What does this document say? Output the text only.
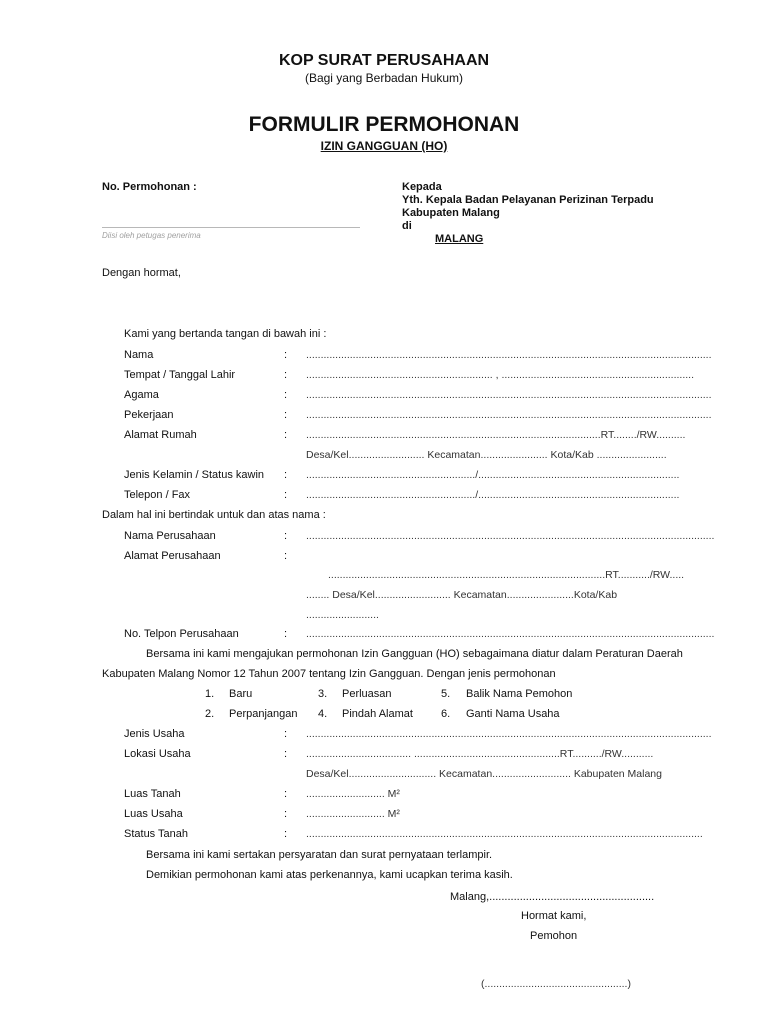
KOP SURAT PERUSAHAAN
(Bagi yang Berbadan Hukum)
FORMULIR PERMOHONAN
IZIN GANGGUAN (HO)
No. Permohonan :
Diisi oleh petugas penerima
Kepada
Yth. Kepala Badan Pelayanan Perizinan Terpadu
Kabupaten Malang
di
MALANG
Dengan hormat,
Kami yang bertanda tangan di bawah ini :
Nama	: ...........................................................................................................................................
Tempat / Tanggal Lahir	: ................................................................ , ..................................................................
Agama	: ...........................................................................................................................................
Pekerjaan	: ...........................................................................................................................................
Alamat Rumah	: .....................................................................................................RT......../RW..........
Desa/Kel.......................... Kecamatan....................... Kota/Kab ........................
Jenis Kelamin / Status kawin : ........................................................../.....................................................................
Telepon / Fax	: ........................................................../.....................................................................
Dalam hal ini bertindak untuk dan atas nama :
Nama Perusahaan	: ............................................................................................................................................
Alamat Perusahaan	:
...............................................................................................RT.........../RW.....
........ Desa/Kel.......................... Kecamatan.......................Kota/Kab
.........................
No. Telpon Perusahaan	: ............................................................................................................................................
Bersama ini kami mengajukan permohonan Izin Gangguan (HO) sebagaimana diatur dalam Peraturan Daerah
Kabupaten Malang Nomor 12 Tahun 2007 tentang Izin Gangguan. Dengan jenis permohonan
1. Baru	3. Perluasan	5. Balik Nama Pemohon
2. Perpanjangan 4. Pindah Alamat	6. Ganti Nama Usaha
Jenis Usaha	: ...........................................................................................................................................
Lokasi Usaha	: .................................... ..................................................RT........../RW...........
Desa/Kel.............................. Kecamatan........................... Kabupaten Malang
Luas Tanah	: ........................... M²
Luas Usaha	: ........................... M²
Status Tanah	: ........................................................................................................................................
Bersama ini kami sertakan persyaratan dan surat pernyataan terlampir.
Demikian permohonan kami atas perkenannya, kami ucapkan terima kasih.
Malang,......................................................
Hormat kami,
Pemohon
(.................................................)
